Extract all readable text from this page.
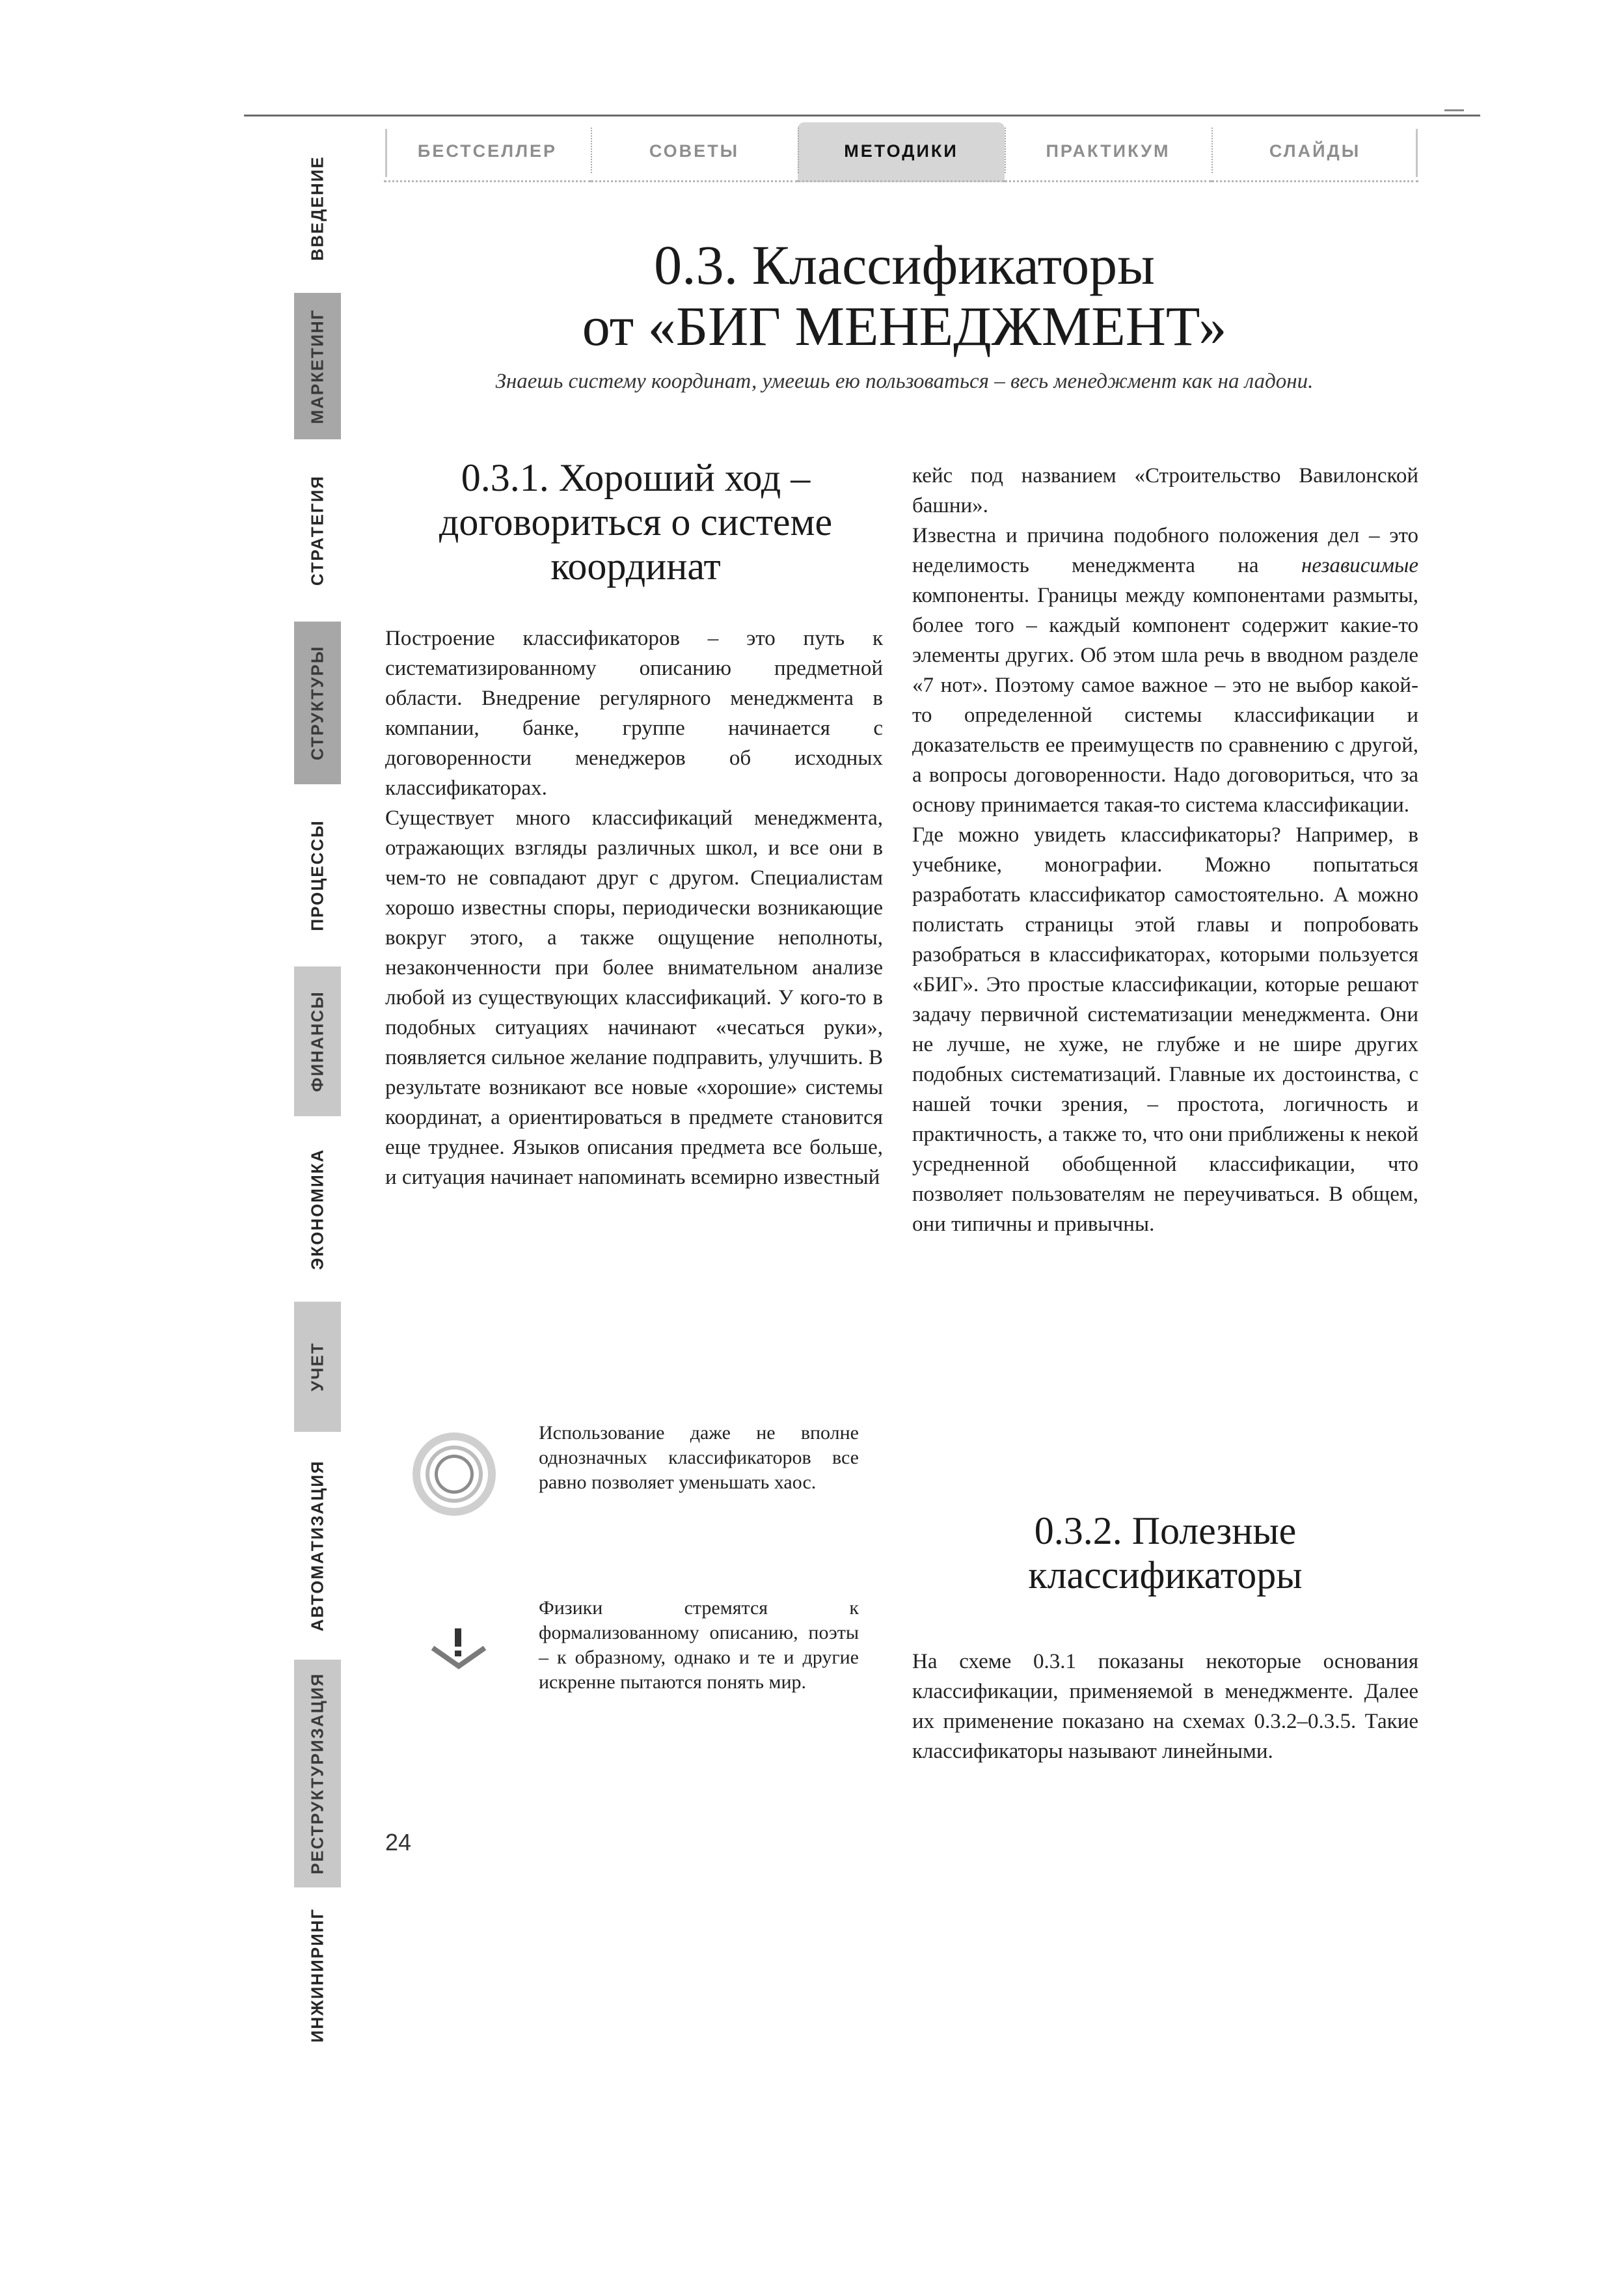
БЕСТСЕЛЛЕР	СОВЕТЫ	МЕТОДИКИ	ПРАКТИКУМ	СЛАЙДЫ
ВВЕДЕНИЕ
МАРКЕТИНГ
СТРАТЕГИЯ
СТРУКТУРЫ
ПРОЦЕССЫ
ФИНАНСЫ
ЭКОНОМИКА
УЧЕТ
АВТОМАТИЗАЦИЯ
РЕСТРУКТУРИЗАЦИЯ
ИНЖИНИРИНГ
0.3. Классификаторы
от «БИГ МЕНЕДЖМЕНТ»
Знаешь систему координат, умеешь ею пользоваться – весь менеджмент как на ладони.
0.3.1. Хороший ход –
договориться о системе
координат

Построение классификаторов – это путь к систематизированному описанию предметной области. Внедрение регулярного менеджмента в компании, банке, группе начинается с договоренности менеджеров об исходных классификаторах.

Существует много классификаций менеджмента, отражающих взгляды различных школ, и все они в чем-то не совпадают друг с другом. Специалистам хорошо известны споры, периодически возникающие вокруг этого, а также ощущение неполноты, незаконченности при более внимательном анализе любой из существующих классификаций. У кого-то в подобных ситуациях начинают «чесаться руки», появляется сильное желание подправить, улучшить. В результате возникают все новые «хорошие» системы координат, а ориентироваться в предмете становится еще труднее. Языков описания предмета все больше, и ситуация начинает напоминать всемирно известный

кейс под названием «Строительство Вавилонской башни».

Известна и причина подобного положения дел – это неделимость менеджмента на независимые компоненты. Границы между компонентами размыты, более того – каждый компонент содержит какие-то элементы других. Об этом шла речь в вводном разделе «7 нот». Поэтому самое важное – это не выбор какой-то определенной системы классификации и доказательств ее преимуществ по сравнению с другой, а вопросы договоренности. Надо договориться, что за основу принимается такая-то система классификации.

Где можно увидеть классификаторы? Например, в учебнике, монографии. Можно попытаться разработать классификатор самостоятельно. А можно полистать страницы этой главы и попробовать разобраться в классификаторах, которыми пользуется «БИГ». Это простые классификации, которые решают задачу первичной систематизации менеджмента. Они не лучше, не хуже, не глубже и не шире других подобных систематизаций. Главные их достоинства, с нашей точки зрения, – простота, логичность и практичность, а также то, что они приближены к некой усредненной обобщенной классификации, что позволяет пользователям не переучиваться. В общем, они типичны и привычны.

Использование даже не вполне однозначных классификаторов все равно позволяет уменьшать хаос.

Физики стремятся к формализованному описанию, поэты – к образному, однако и те и другие искренне пытаются понять мир.

0.3.2. Полезные
классификаторы

На схеме 0.3.1 показаны некоторые основания классификации, применяемой в менеджменте. Далее их применение показано на схемах 0.3.2–0.3.5. Такие классификаторы называют линейными.

24
